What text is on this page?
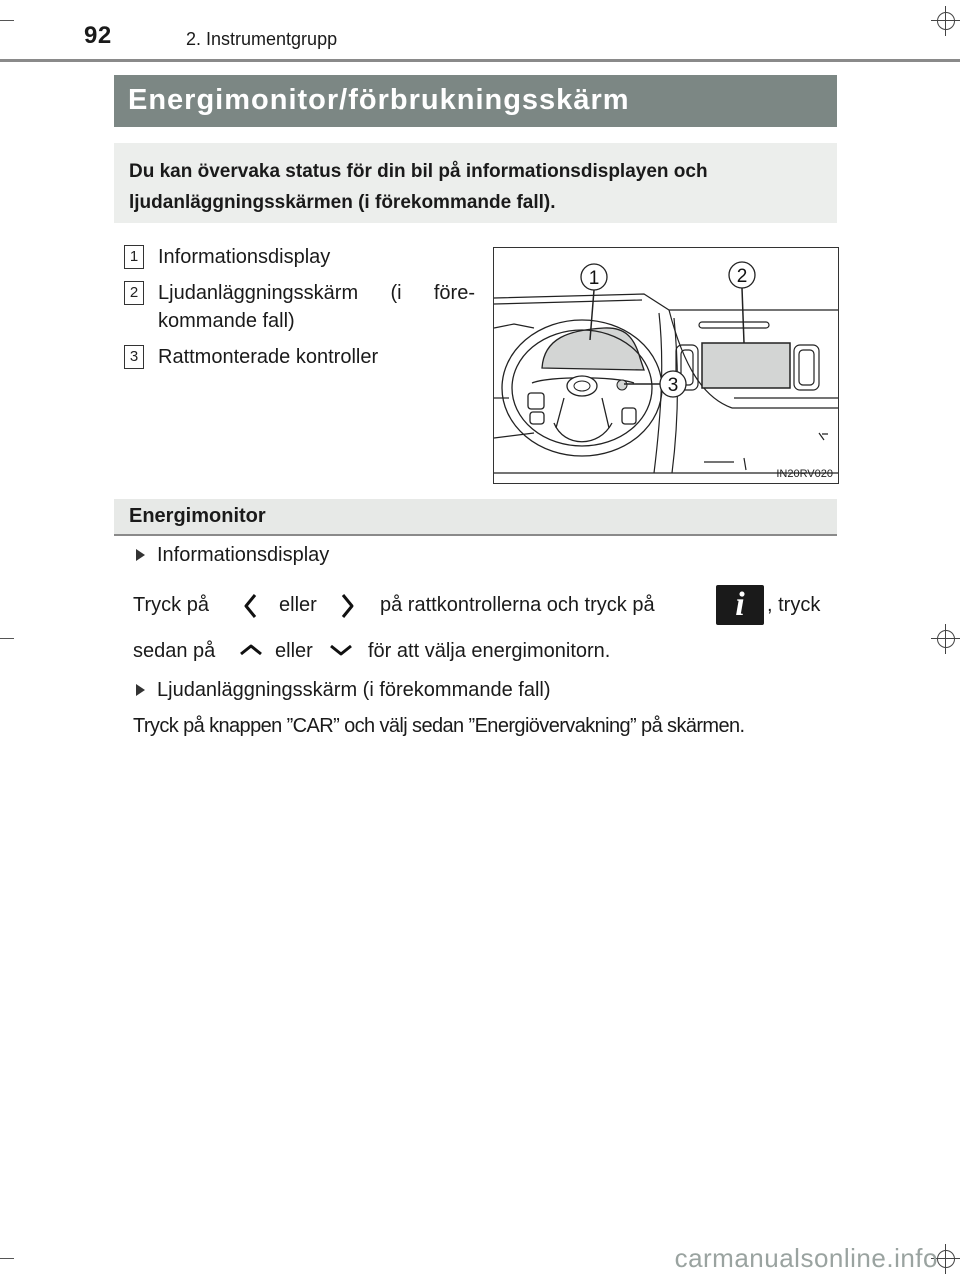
92	2. Instrumentgrupp
Energimonitor/förbrukningsskärm

Du kan övervaka status för din bil på informationsdisplayen och ljudanläggningsskärmen (i förekommande fall).

1 Informationsdisplay
2 Ljudanläggningsskärm (i före-
kommande fall)
3 Rattmonterade kontroller
1	2
3
IN20RV020
Energimonitor
Informationsdisplay
Tryck på	eller	på rattkontrollerna och tryck på	i	, tryck
sedan på	eller	för att välja energimonitorn.
Ljudanläggningsskärm (i förekommande fall)
Tryck på knappen ”CAR” och välj sedan ”Energiövervakning” på skärmen.
carmanualsonline.info
